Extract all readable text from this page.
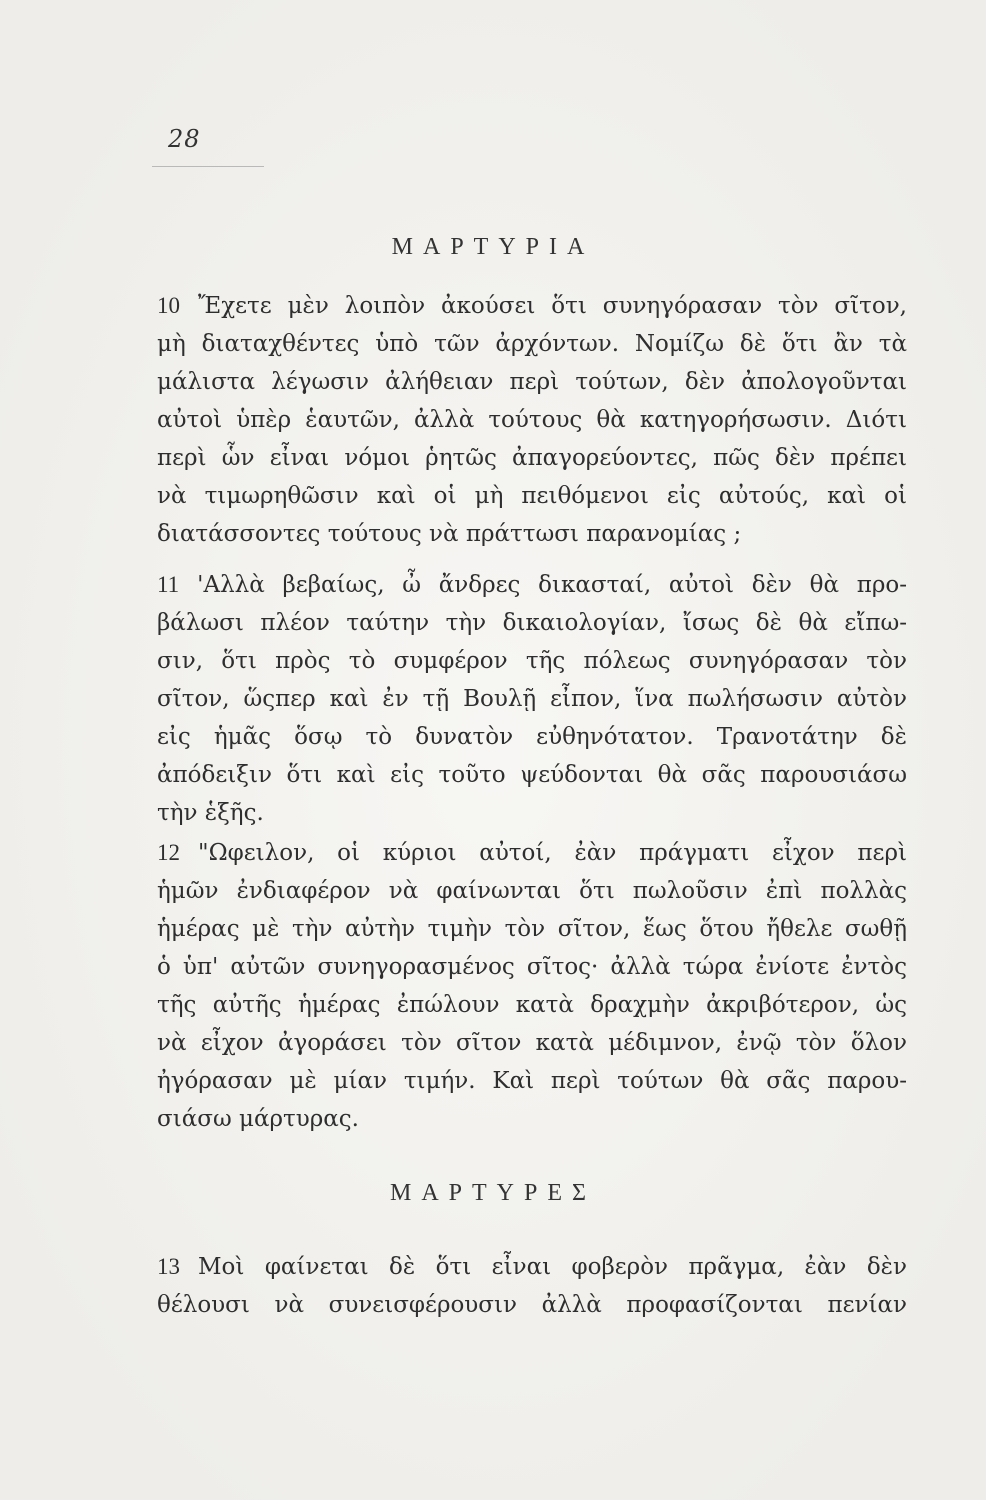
28
ΜΑΡΤΥΡΙΑ
10 Ἔχετε μὲν λοιπὸν ἀκούσει ὅτι συνηγόρασαν τὸν σῖτον,
μὴ διαταχθέντες ὑπὸ τῶν ἀρχόντων. Νομίζω δὲ ὅτι ἂν τὰ
μάλιστα λέγωσιν ἀλήθειαν περὶ τούτων, δὲν ἀπολογοῦνται
αὐτοὶ ὑπὲρ ἑαυτῶν, ἀλλὰ τούτους θὰ κατηγορήσωσιν. Διότι
περὶ ὧν εἶναι νόμοι ῥητῶς ἀπαγορεύοντες, πῶς δὲν πρέπει
νὰ τιμωρηθῶσιν καὶ οἱ μὴ πειθόμενοι εἰς αὐτούς, καὶ οἱ
διατάσσοντες τούτους νὰ πράττωσι παρανομίας ;
11 'Αλλὰ βεβαίως, ὦ ἄνδρες δικασταί, αὐτοὶ δὲν θὰ προ-
βάλωσι πλέον ταύτην τὴν δικαιολογίαν, ἴσως δὲ θὰ εἴπω-
σιν, ὅτι πρὸς τὸ συμφέρον τῆς πόλεως συνηγόρασαν τὸν
σῖτον, ὥςπερ καὶ ἐν τῇ Βουλῇ εἶπον, ἵνα πωλήσωσιν αὐτὸν
εἰς ἡμᾶς ὅσῳ τὸ δυνατὸν εὐθηνότατον. Τρανοτάτην δὲ
ἀπόδειξιν ὅτι καὶ εἰς τοῦτο ψεύδονται θὰ σᾶς παρουσιάσω
τὴν ἑξῆς.
12 "Ωφειλον, οἱ κύριοι αὐτοί, ἐὰν πράγματι εἶχον περὶ
ἡμῶν ἐνδιαφέρον νὰ φαίνωνται ὅτι πωλοῦσιν ἐπὶ πολλὰς
ἡμέρας μὲ τὴν αὐτὴν τιμὴν τὸν σῖτον, ἕως ὅτου ἤθελε σωθῇ
ὁ ὑπ' αὐτῶν συνηγορασμένος σῖτος· ἀλλὰ τώρα ἐνίοτε ἐντὸς
τῆς αὐτῆς ἡμέρας ἐπώλουν κατὰ δραχμὴν ἀκριβότερον, ὡς
νὰ εἶχον ἀγοράσει τὸν σῖτον κατὰ μέδιμνον, ἐνῷ τὸν ὅλον
ἠγόρασαν μὲ μίαν τιμήν. Καὶ περὶ τούτων θὰ σᾶς παρου-
σιάσω μάρτυρας.
ΜΑΡΤΥΡΕΣ
13 Μοὶ φαίνεται δὲ ὅτι εἶναι φοβερὸν πρᾶγμα, ἐὰν δὲν
θέλουσι νὰ συνεισφέρουσιν ἀλλὰ προφασίζονται πενίαν
